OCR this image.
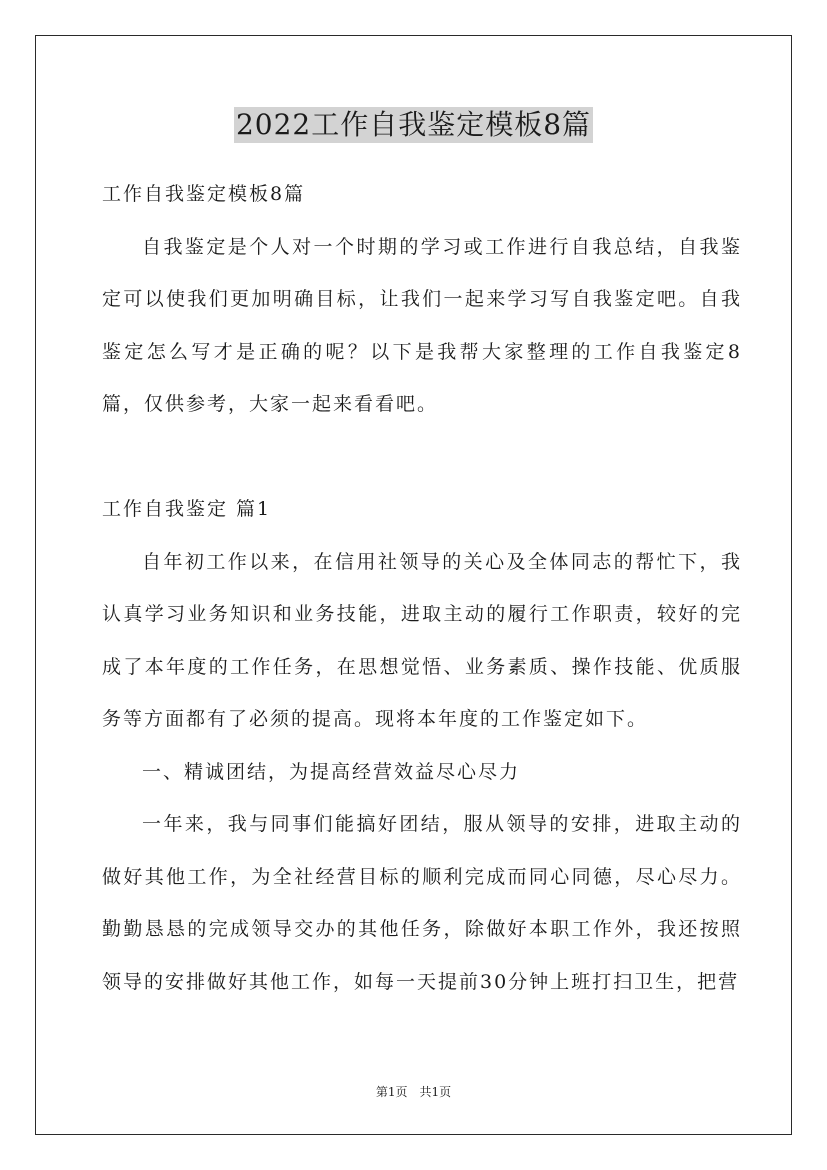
2022工作自我鉴定模板8篇

工作自我鉴定模板8篇

自我鉴定是个人对一个时期的学习或工作进行自我总结，自我鉴定可以使我们更加明确目标，让我们一起来学习写自我鉴定吧。自我鉴定怎么写才是正确的呢？以下是我帮大家整理的工作自我鉴定8篇，仅供参考，大家一起来看看吧。

工作自我鉴定 篇1

自年初工作以来，在信用社领导的关心及全体同志的帮忙下，我认真学习业务知识和业务技能，进取主动的履行工作职责，较好的完成了本年度的工作任务，在思想觉悟、业务素质、操作技能、优质服务等方面都有了必须的提高。现将本年度的工作鉴定如下。

一、精诚团结，为提高经营效益尽心尽力

一年来，我与同事们能搞好团结，服从领导的安排，进取主动的做好其他工作，为全社经营目标的顺利完成而同心同德，尽心尽力。勤勤恳恳的完成领导交办的其他任务，除做好本职工作外，我还按照领导的安排做好其他工作，如每一天提前30分钟上班打扫卫生，把营

第1页 共1页
